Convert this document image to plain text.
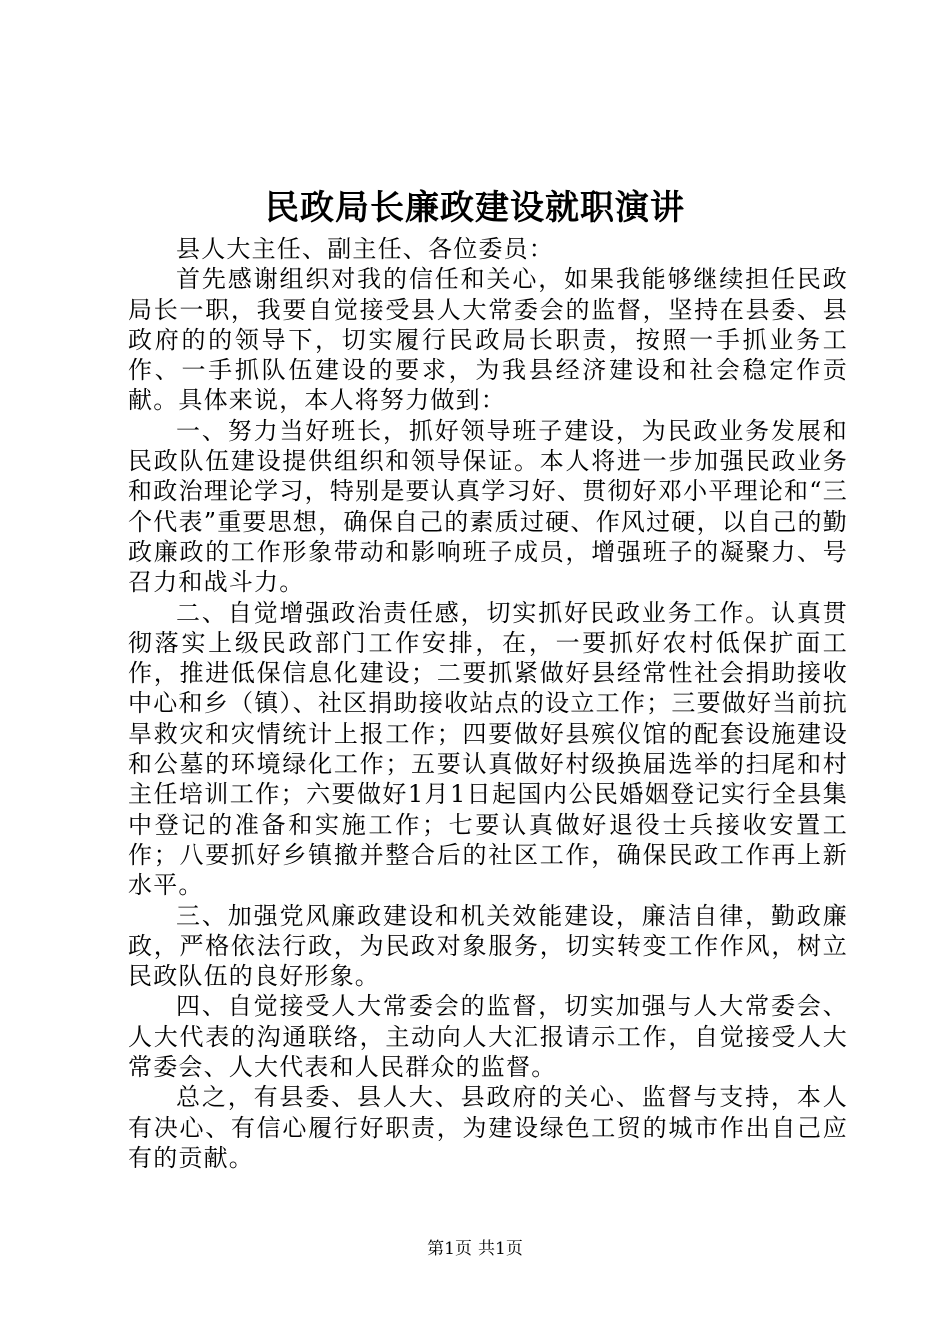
民政局长廉政建设就职演讲

县人大主任、副主任、各位委员：

首先感谢组织对我的信任和关心，如果我能够继续担任民政局长一职，我要自觉接受县人大常委会的监督，坚持在县委、县政府的的领导下，切实履行民政局长职责，按照一手抓业务工作、一手抓队伍建设的要求，为我县经济建设和社会稳定作贡献。具体来说，本人将努力做到：

一、努力当好班长，抓好领导班子建设，为民政业务发展和民政队伍建设提供组织和领导保证。本人将进一步加强民政业务和政治理论学习，特别是要认真学习好、贯彻好邓小平理论和“三个代表”重要思想，确保自己的素质过硬、作风过硬，以自己的勤政廉政的工作形象带动和影响班子成员，增强班子的凝聚力、号召力和战斗力。

二、自觉增强政治责任感，切实抓好民政业务工作。认真贯彻落实上级民政部门工作安排，在，一要抓好农村低保扩面工作，推进低保信息化建设；二要抓紧做好县经常性社会捐助接收中心和乡（镇）、社区捐助接收站点的设立工作；三要做好当前抗旱救灾和灾情统计上报工作；四要做好县殡仪馆的配套设施建设和公墓的环境绿化工作；五要认真做好村级换届选举的扫尾和村主任培训工作；六要做好1月1日起国内公民婚姻登记实行全县集中登记的准备和实施工作；七要认真做好退役士兵接收安置工作；八要抓好乡镇撤并整合后的社区工作，确保民政工作再上新水平。

三、加强党风廉政建设和机关效能建设，廉洁自律，勤政廉政，严格依法行政，为民政对象服务，切实转变工作作风，树立民政队伍的良好形象。

四、自觉接受人大常委会的监督，切实加强与人大常委会、人大代表的沟通联络，主动向人大汇报请示工作，自觉接受人大常委会、人大代表和人民群众的监督。

总之，有县委、县人大、县政府的关心、监督与支持，本人有决心、有信心履行好职责，为建设绿色工贸的城市作出自己应有的贡献。

第1页 共1页
